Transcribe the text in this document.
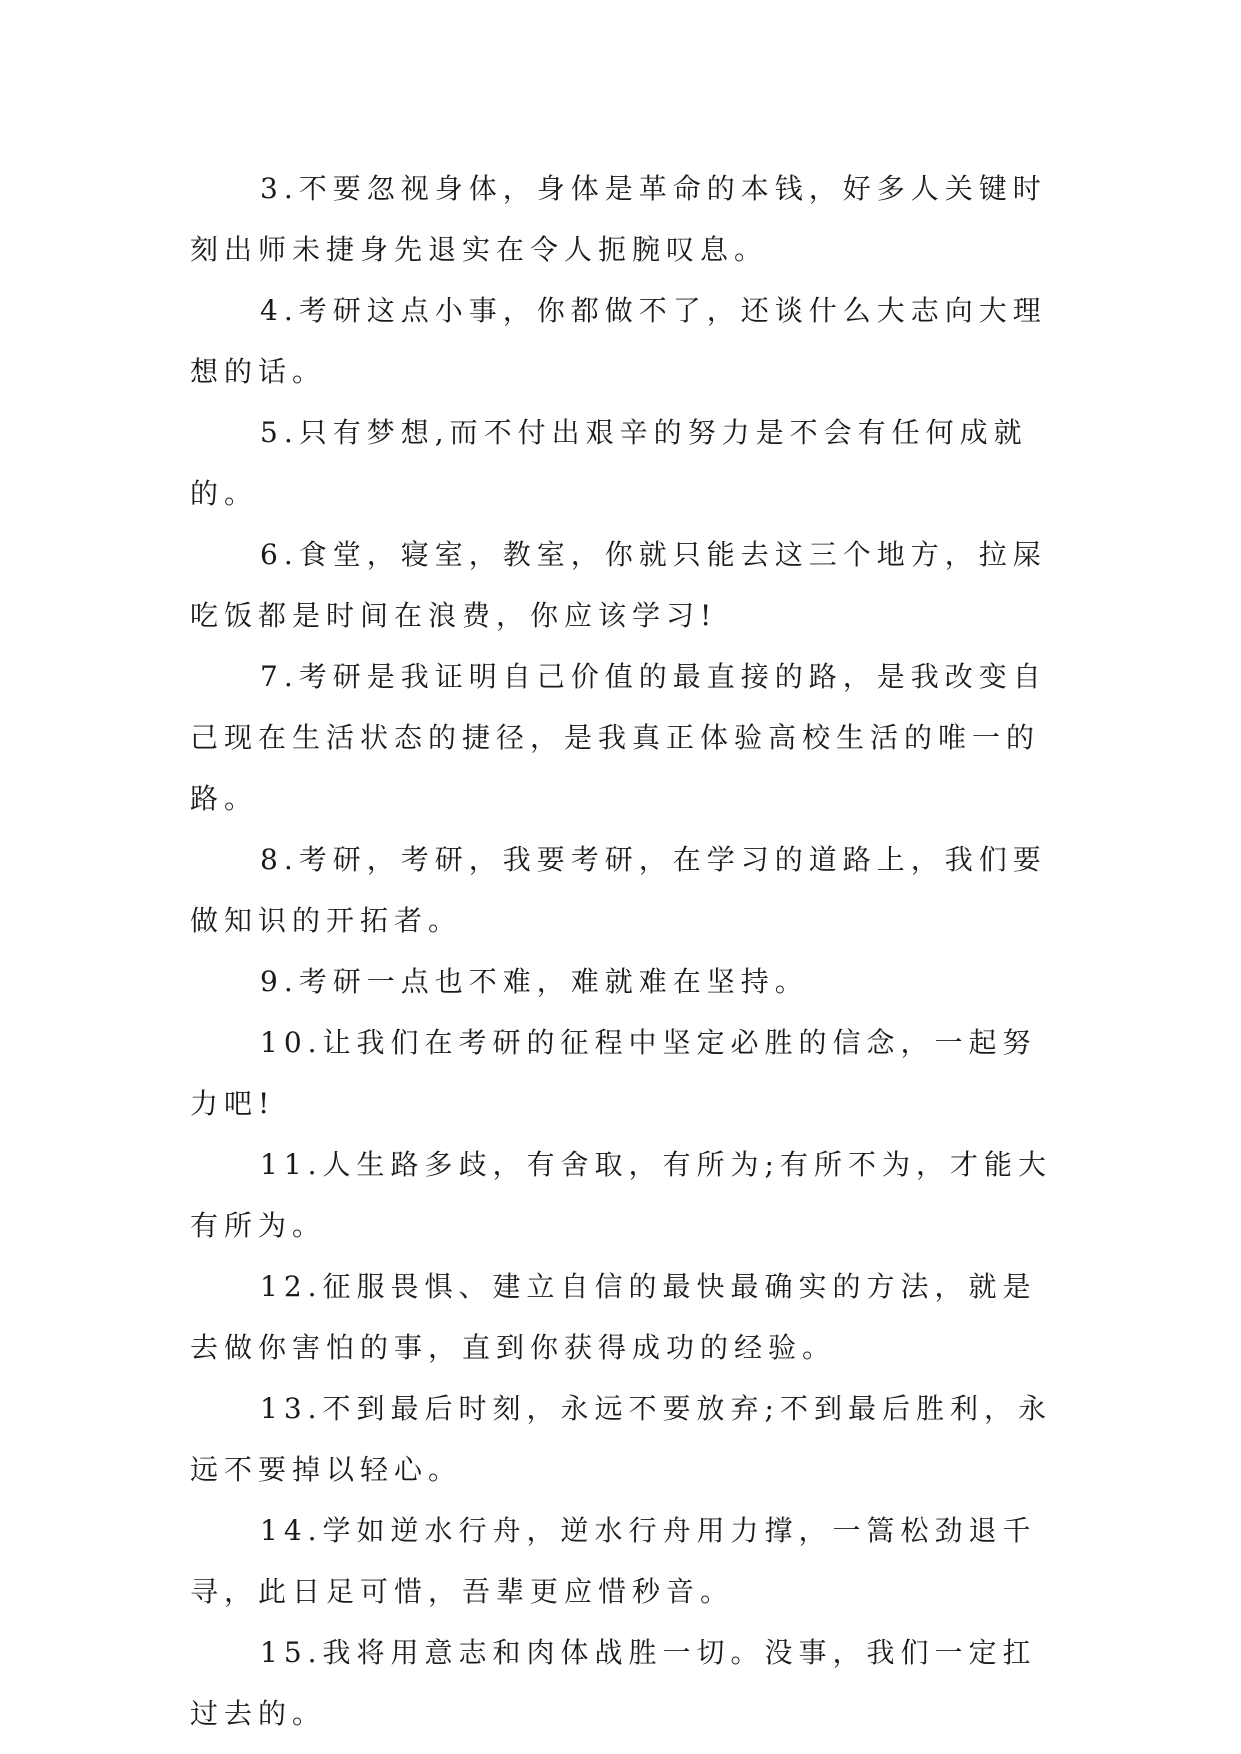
3.不要忽视身体，身体是革命的本钱，好多人关键时刻出师未捷身先退实在令人扼腕叹息。

4.考研这点小事，你都做不了，还谈什么大志向大理想的话。

5.只有梦想,而不付出艰辛的努力是不会有任何成就的。

6.食堂，寝室，教室，你就只能去这三个地方，拉屎吃饭都是时间在浪费，你应该学习!

7.考研是我证明自己价值的最直接的路，是我改变自己现在生活状态的捷径，是我真正体验高校生活的唯一的路。

8.考研，考研，我要考研，在学习的道路上，我们要做知识的开拓者。

9.考研一点也不难，难就难在坚持。

10.让我们在考研的征程中坚定必胜的信念，一起努力吧!

11.人生路多歧，有舍取，有所为;有所不为，才能大有所为。

12.征服畏惧、建立自信的最快最确实的方法，就是去做你害怕的事，直到你获得成功的经验。

13.不到最后时刻，永远不要放弃;不到最后胜利，永远不要掉以轻心。

14.学如逆水行舟，逆水行舟用力撑，一篙松劲退千寻，此日足可惜，吾辈更应惜秒音。

15.我将用意志和肉体战胜一切。没事，我们一定扛过去的。
